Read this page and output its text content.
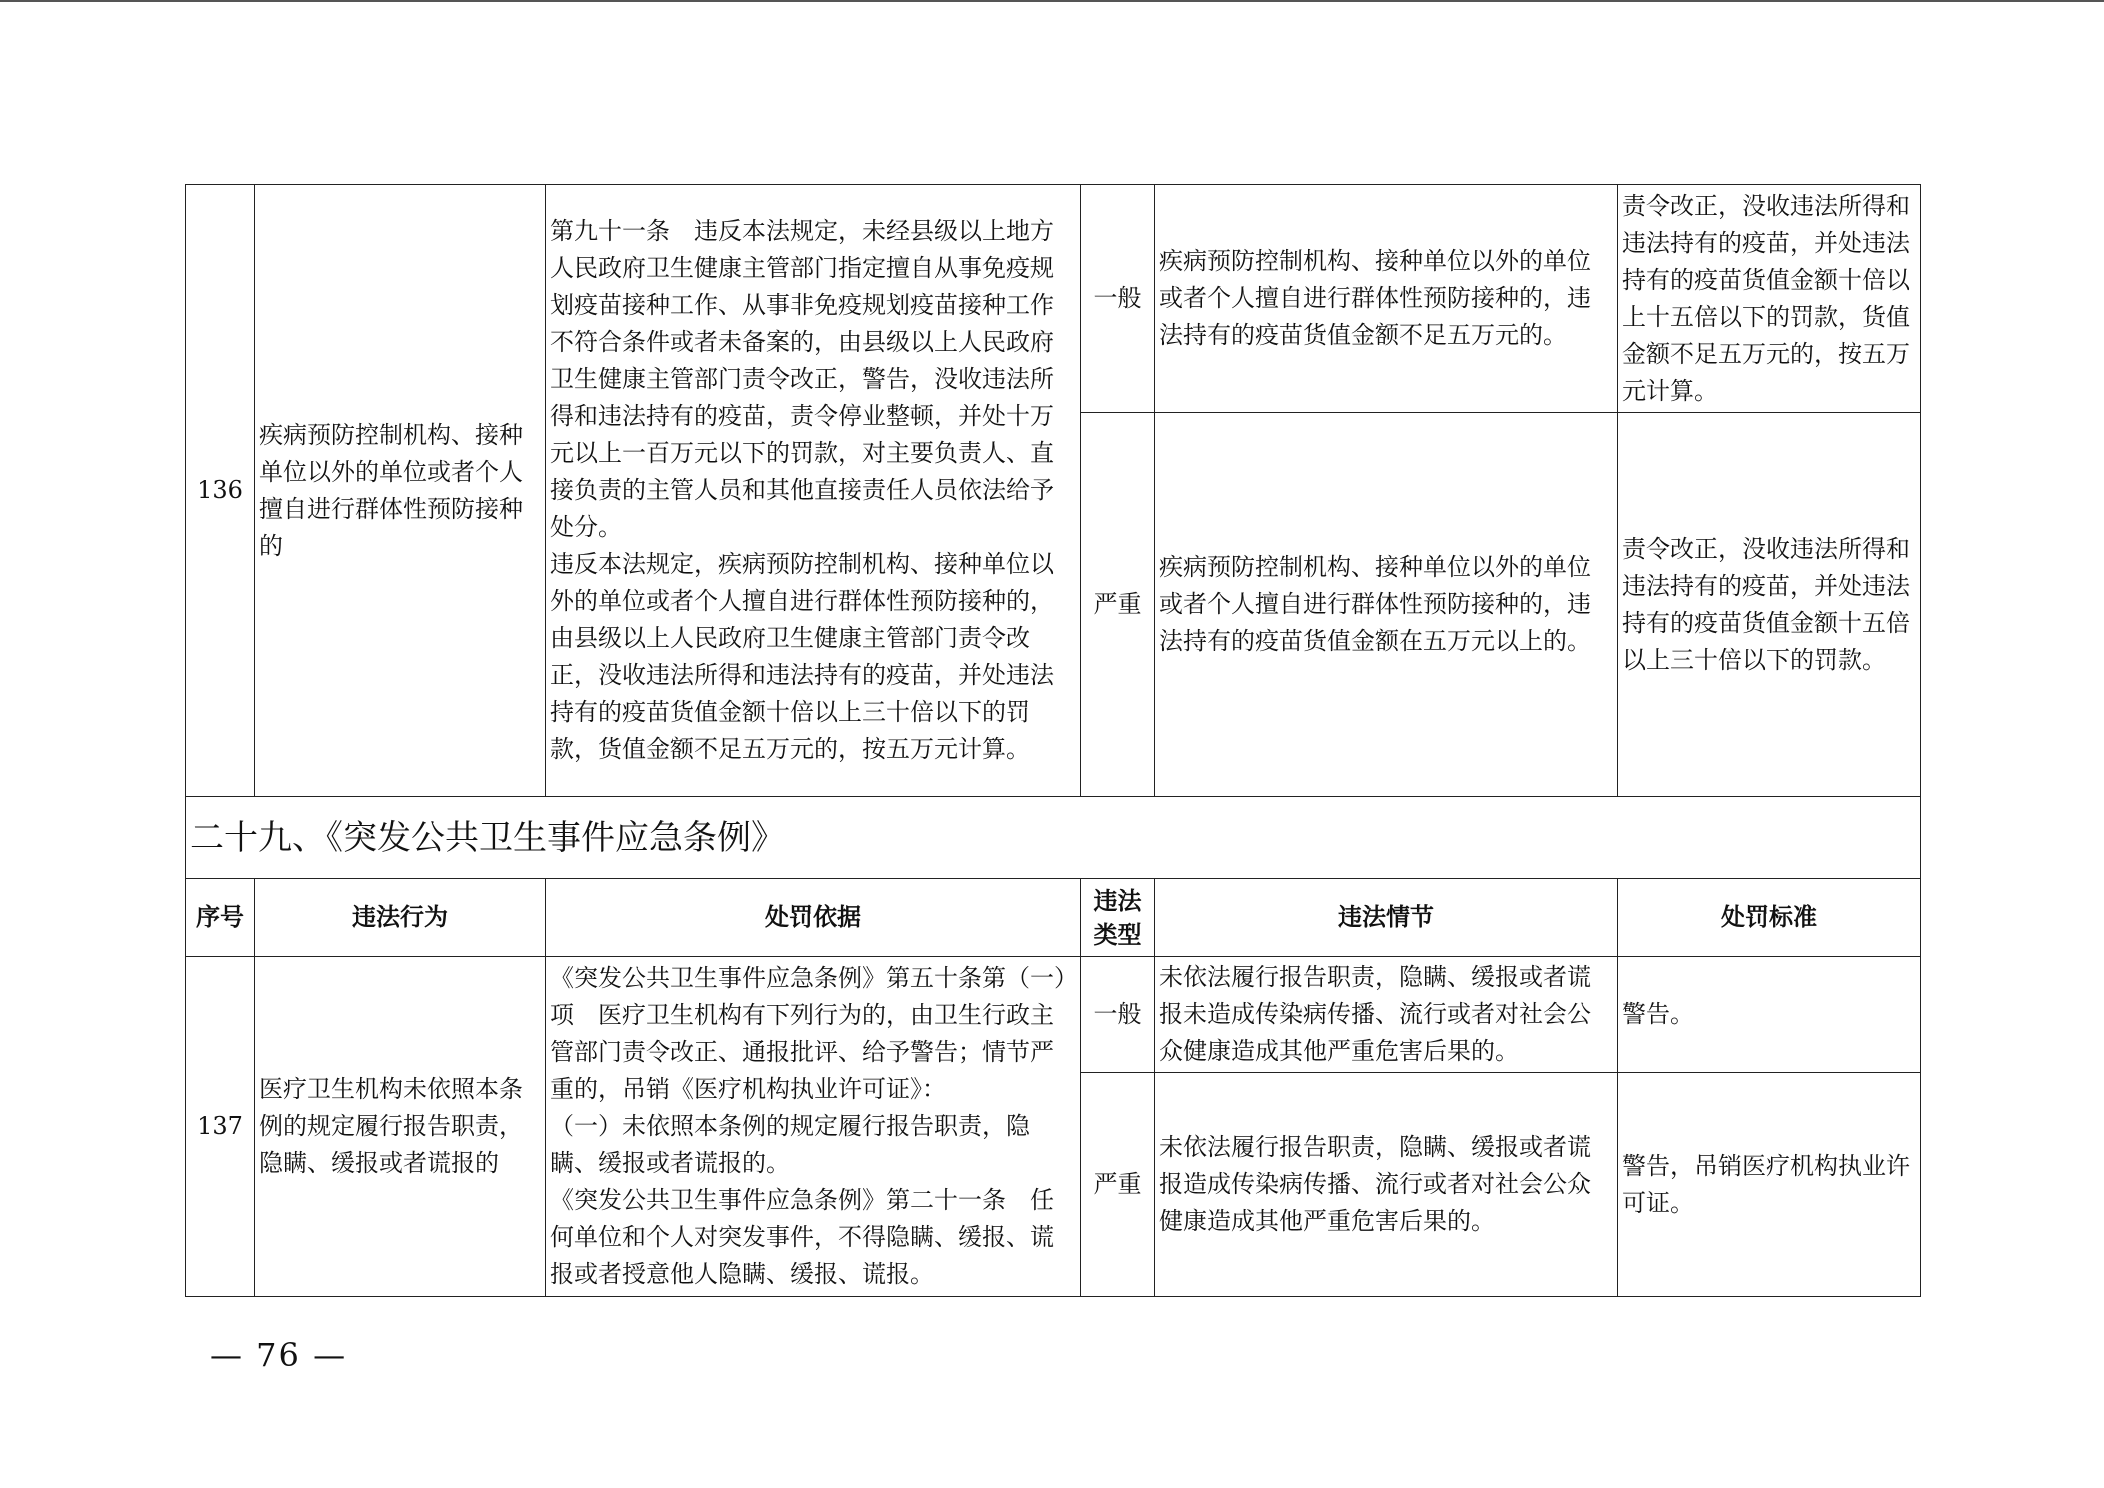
136	疾病预防控制机构、接种单位以外的单位或者个人擅自进行群体性预防接种的	第九十一条　违反本法规定，未经县级以上地方人民政府卫生健康主管部门指定擅自从事免疫规划疫苗接种工作、从事非免疫规划疫苗接种工作不符合条件或者未备案的，由县级以上人民政府卫生健康主管部门责令改正，警告，没收违法所得和违法持有的疫苗，责令停业整顿，并处十万元以上一百万元以下的罚款，对主要负责人、直接负责的主管人员和其他直接责任人员依法给予处分。
违反本法规定，疾病预防控制机构、接种单位以外的单位或者个人擅自进行群体性预防接种的，由县级以上人民政府卫生健康主管部门责令改正，没收违法所得和违法持有的疫苗，并处违法持有的疫苗货值金额十倍以上三十倍以下的罚款，货值金额不足五万元的，按五万元计算。	一般	疾病预防控制机构、接种单位以外的单位或者个人擅自进行群体性预防接种的，违法持有的疫苗货值金额不足五万元的。	责令改正，没收违法所得和违法持有的疫苗，并处违法持有的疫苗货值金额十倍以上十五倍以下的罚款，货值金额不足五万元的，按五万元计算。
			严重	疾病预防控制机构、接种单位以外的单位或者个人擅自进行群体性预防接种的，违法持有的疫苗货值金额在五万元以上的。	责令改正，没收违法所得和违法持有的疫苗，并处违法持有的疫苗货值金额十五倍以上三十倍以下的罚款。
二十九、《突发公共卫生事件应急条例》					
序号	违法行为	处罚依据	违法类型	违法情节	处罚标准
137	医疗卫生机构未依照本条例的规定履行报告职责，隐瞒、缓报或者谎报的	《突发公共卫生事件应急条例》第五十条第（一）项　医疗卫生机构有下列行为的，由卫生行政主管部门责令改正、通报批评、给予警告；情节严重的，吊销《医疗机构执业许可证》：
（一）未依照本条例的规定履行报告职责，隐瞒、缓报或者谎报的。
《突发公共卫生事件应急条例》第二十一条　任何单位和个人对突发事件，不得隐瞒、缓报、谎报或者授意他人隐瞒、缓报、谎报。	一般	未依法履行报告职责，隐瞒、缓报或者谎报未造成传染病传播、流行或者对社会公众健康造成其他严重危害后果的。	警告。
			严重	未依法履行报告职责，隐瞒、缓报或者谎报造成传染病传播、流行或者对社会公众健康造成其他严重危害后果的。	警告，吊销医疗机构执业许可证。
— 76 —
